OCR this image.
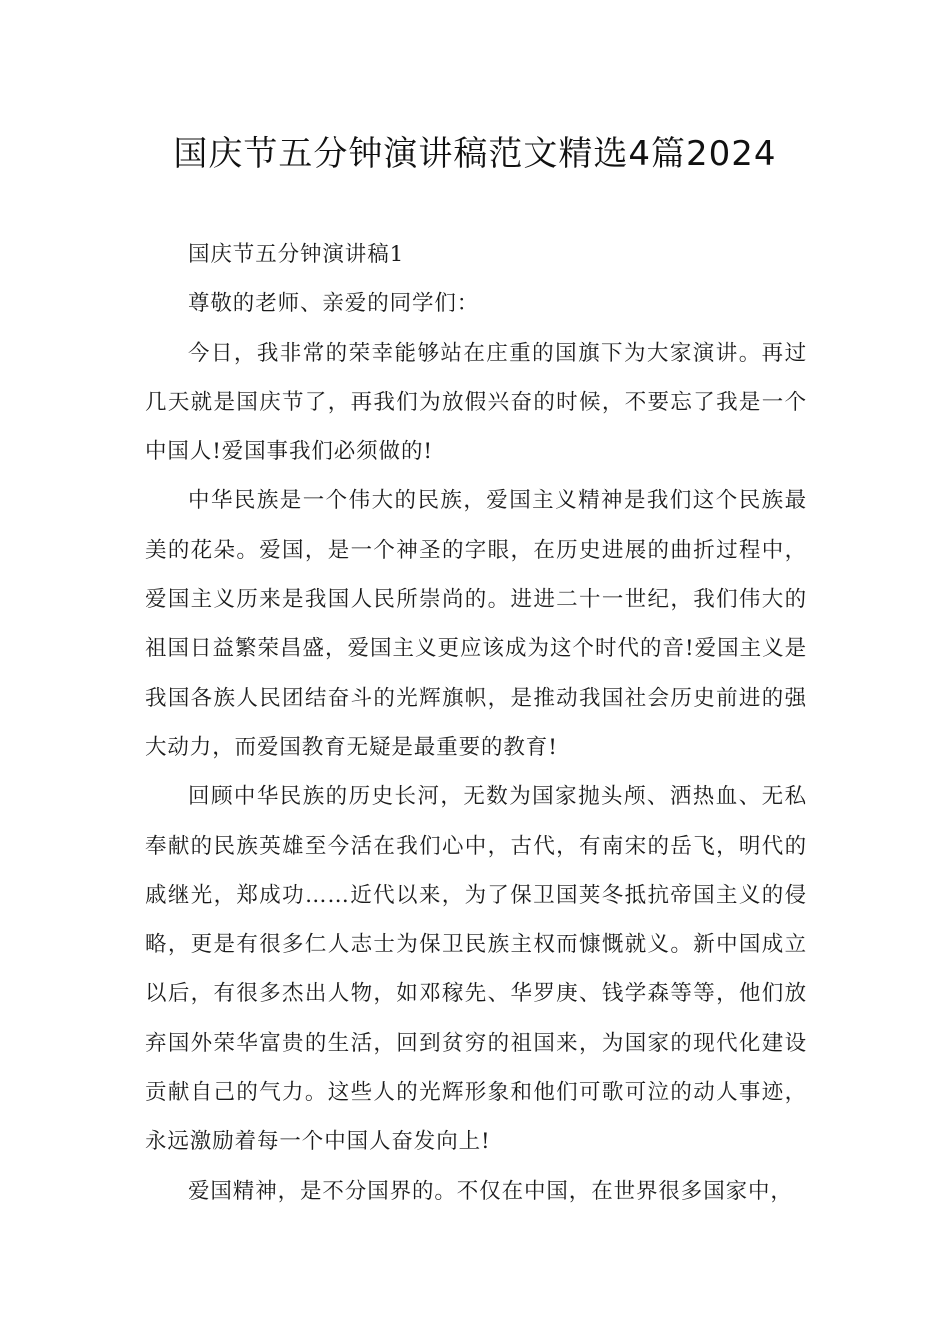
国庆节五分钟演讲稿范文精选4篇2024

国庆节五分钟演讲稿1

尊敬的老师、亲爱的同学们：

今日，我非常的荣幸能够站在庄重的国旗下为大家演讲。再过几天就是国庆节了，再我们为放假兴奋的时候，不要忘了我是一个中国人!爱国事我们必须做的!

中华民族是一个伟大的民族，爱国主义精神是我们这个民族最美的花朵。爱国，是一个神圣的字眼，在历史进展的曲折过程中，爱国主义历来是我国人民所崇尚的。进进二十一世纪，我们伟大的祖国日益繁荣昌盛，爱国主义更应该成为这个时代的音!爱国主义是我国各族人民团结奋斗的光辉旗帜，是推动我国社会历史前进的强大动力，而爱国教育无疑是最重要的教育!

回顾中华民族的历史长河，无数为国家抛头颅、洒热血、无私奉献的民族英雄至今活在我们心中，古代，有南宋的岳飞，明代的戚继光，郑成功……近代以来，为了保卫国荚冬抵抗帝国主义的侵略，更是有很多仁人志士为保卫民族主权而慷慨就义。新中国成立以后，有很多杰出人物，如邓稼先、华罗庚、钱学森等等，他们放弃国外荣华富贵的生活，回到贫穷的祖国来，为国家的现代化建设贡献自己的气力。这些人的光辉形象和他们可歌可泣的动人事迹，永远激励着每一个中国人奋发向上!

爱国精神，是不分国界的。不仅在中国，在世界很多国家中，
